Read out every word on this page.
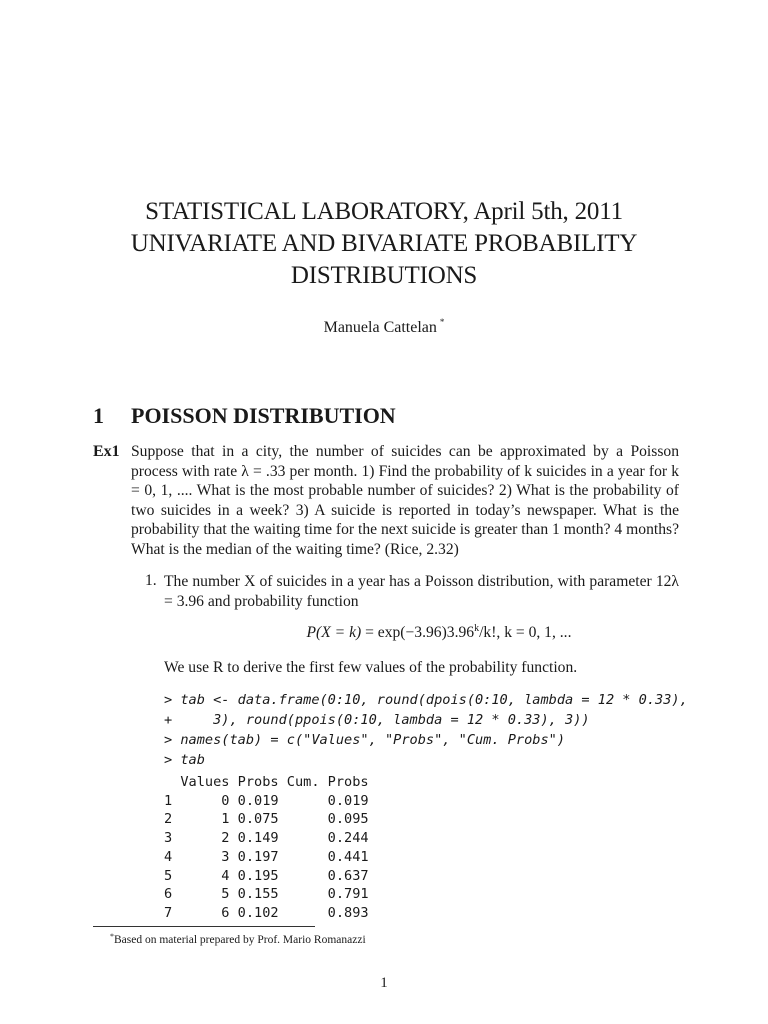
STATISTICAL LABORATORY, April 5th, 2011
UNIVARIATE AND BIVARIATE PROBABILITY
DISTRIBUTIONS
Manuela Cattelan *
1 POISSON DISTRIBUTION
Ex1 Suppose that in a city, the number of suicides can be approximated by a Poisson process with rate λ = .33 per month. 1) Find the probability of k suicides in a year for k = 0, 1, .... What is the most probable number of suicides? 2) What is the probability of two suicides in a week? 3) A suicide is reported in today’s newspaper. What is the probability that the waiting time for the next suicide is greater than 1 month? 4 months? What is the median of the waiting time? (Rice, 2.32)
1. The number X of suicides in a year has a Poisson distribution, with parameter 12λ = 3.96 and probability function
$P(X = k) = \exp(-3.96)3.96^k/k$!, k = 0, 1, ...
We use R to derive the first few values of the probability function.
> tab <- data.frame(0:10, round(dpois(0:10, lambda = 12 * 0.33),
+     3), round(ppois(0:10, lambda = 12 * 0.33), 3))
> names(tab) = c("Values", "Probs", "Cum. Probs")
> tab
Values Probs Cum. Probs
1      0 0.019      0.019
2      1 0.075      0.095
3      2 0.149      0.244
4      3 0.197      0.441
5      4 0.195      0.637
6      5 0.155      0.791
7      6 0.102      0.893
*Based on material prepared by Prof. Mario Romanazzi
1
